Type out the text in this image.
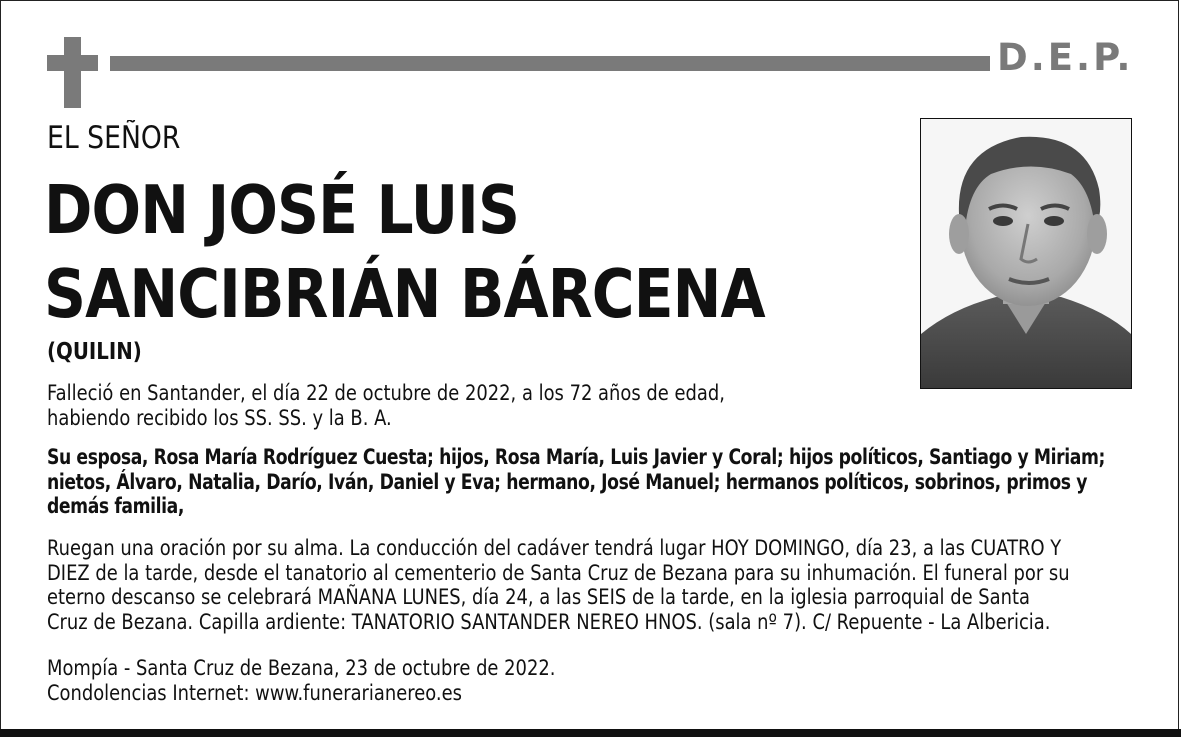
D.E.P.
EL SEÑOR
DON JOSÉ LUIS
SANCIBRIÁN BÁRCENA
(QUILIN)
Falleció en Santander, el día 22 de octubre de 2022, a los 72 años de edad,
habiendo recibido los SS. SS. y la B. A.
Su esposa, Rosa María Rodríguez Cuesta; hijos, Rosa María, Luis Javier y Coral; hijos políticos, Santiago y Miriam;
nietos, Álvaro, Natalia, Darío, Iván, Daniel y Eva; hermano, José Manuel; hermanos políticos, sobrinos, primos y
demás familia,
Ruegan una oración por su alma. La conducción del cadáver tendrá lugar HOY DOMINGO, día 23, a las CUATRO Y
DIEZ de la tarde, desde el tanatorio al cementerio de Santa Cruz de Bezana para su inhumación. El funeral por su
eterno descanso se celebrará MAÑANA LUNES, día 24, a las SEIS de la tarde, en la iglesia parroquial de Santa
Cruz de Bezana. Capilla ardiente: TANATORIO SANTANDER NEREO HNOS. (sala nº 7). C/ Repuente - La Albericia.
Mompía - Santa Cruz de Bezana, 23 de octubre de 2022.
Condolencias Internet: www.funerarianereo.es
